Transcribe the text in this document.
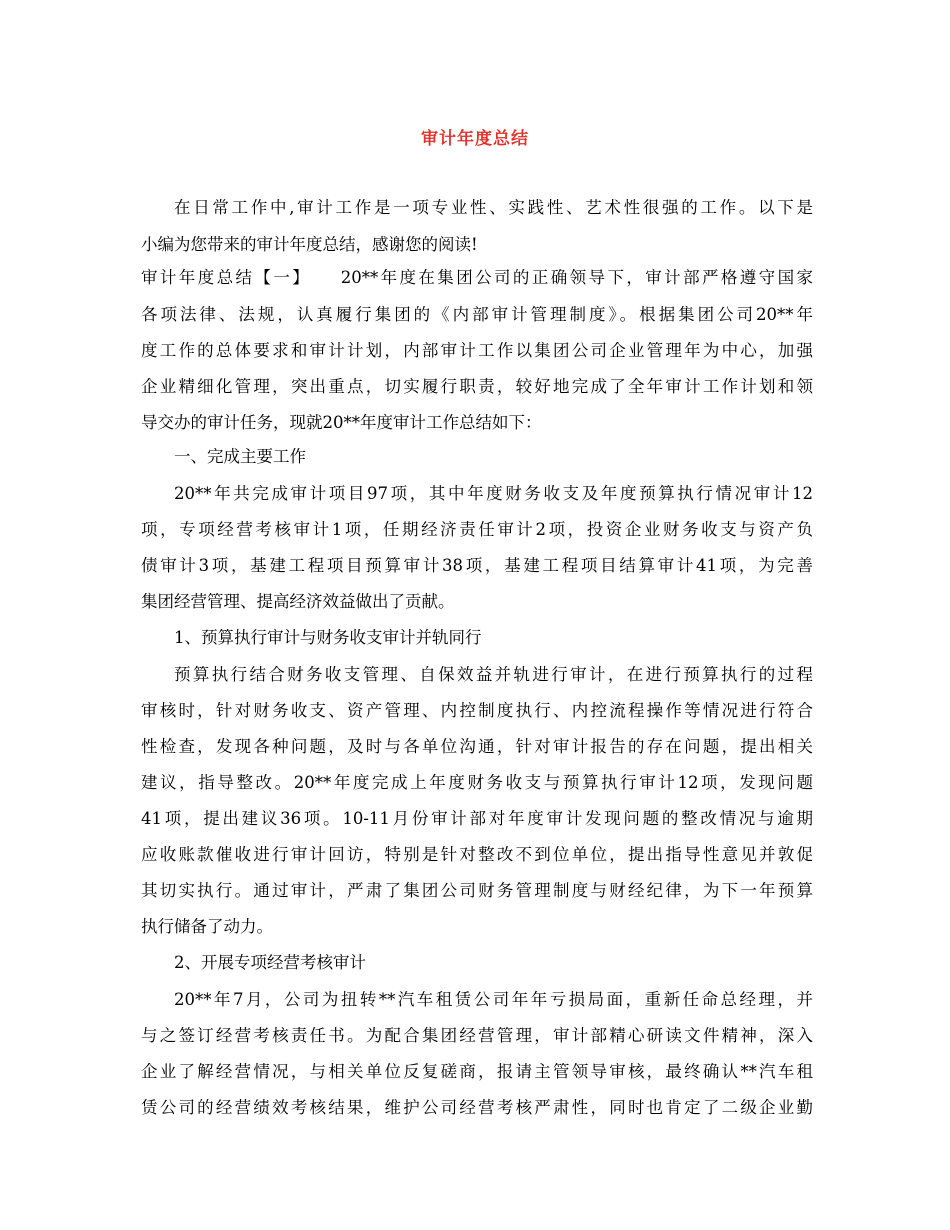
审计年度总结
在日常工作中,审计工作是一项专业性、实践性、艺术性很强的工作。以下是
小编为您带来的审计年度总结，感谢您的阅读!
审计年度总结【一】　　20**年度在集团公司的正确领导下，审计部严格遵守国家
各项法律、法规，认真履行集团的《内部审计管理制度》。根据集团公司20**年
度工作的总体要求和审计计划，内部审计工作以集团公司企业管理年为中心，加强
企业精细化管理，突出重点，切实履行职责，较好地完成了全年审计工作计划和领
导交办的审计任务，现就20**年度审计工作总结如下：
一、完成主要工作
20**年共完成审计项目97项，其中年度财务收支及年度预算执行情况审计12
项，专项经营考核审计1项，任期经济责任审计2项，投资企业财务收支与资产负
债审计3项，基建工程项目预算审计38项，基建工程项目结算审计41项，为完善
集团经营管理、提高经济效益做出了贡献。
1、预算执行审计与财务收支审计并轨同行
预算执行结合财务收支管理、自保效益并轨进行审计，在进行预算执行的过程
审核时，针对财务收支、资产管理、内控制度执行、内控流程操作等情况进行符合
性检查，发现各种问题，及时与各单位沟通，针对审计报告的存在问题，提出相关
建议，指导整改。20**年度完成上年度财务收支与预算执行审计12项，发现问题
41项，提出建议36项。10-11月份审计部对年度审计发现问题的整改情况与逾期
应收账款催收进行审计回访，特别是针对整改不到位单位，提出指导性意见并敦促
其切实执行。通过审计，严肃了集团公司财务管理制度与财经纪律，为下一年预算
执行储备了动力。
2、开展专项经营考核审计
20**年7月，公司为扭转**汽车租赁公司年年亏损局面，重新任命总经理，并
与之签订经营考核责任书。为配合集团经营管理，审计部精心研读文件精神，深入
企业了解经营情况，与相关单位反复磋商，报请主管领导审核，最终确认**汽车租
赁公司的经营绩效考核结果，维护公司经营考核严肃性，同时也肯定了二级企业勤
